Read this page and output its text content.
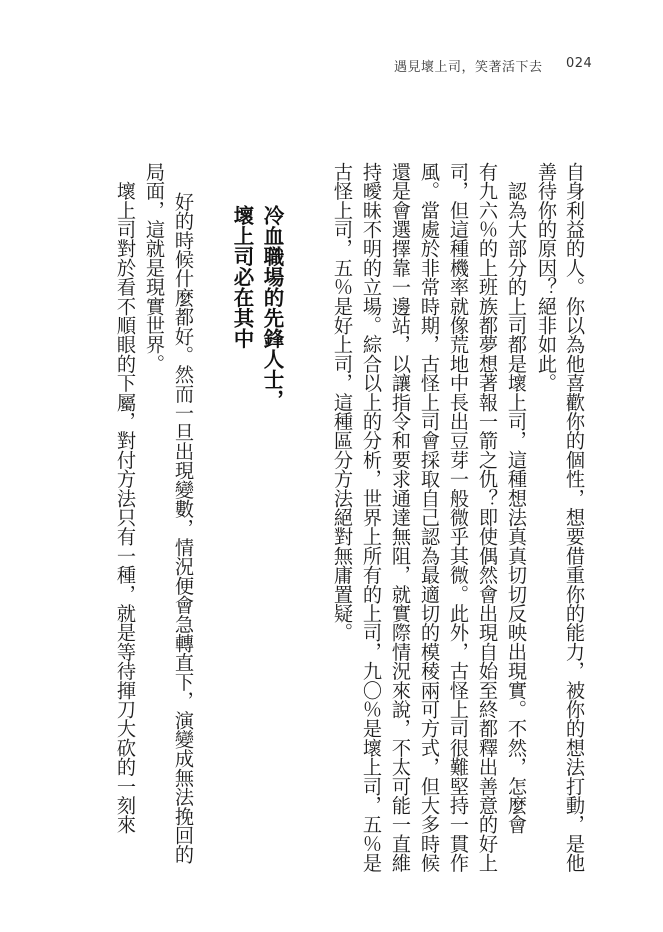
遇見壞上司，笑著活下去 024
自身利益的人。你以為他喜歡你的個性，想要借重你的能力，被你的想法打動，是他
善待你的原因？絕非如此。
　認為大部分的上司都是壞上司，這種想法真真切切反映出現實。不然，怎麼會
有九六％的上班族都夢想著報一箭之仇？即使偶然會出現自始至終都釋出善意的好上
司，但這種機率就像荒地中長出豆芽一般微乎其微。此外，古怪上司很難堅持一貫作
風。當處於非常時期，古怪上司會採取自己認為最適切的模稜兩可方式，但大多時候
還是會選擇靠一邊站，以讓指令和要求通達無阻，就實際情況來說，不太可能一直維
持曖昧不明的立場。綜合以上的分析，世界上所有的上司，九〇％是壞上司，五％是
古怪上司，五％是好上司，這種區分方法絕對無庸置疑。
冷血職場的先鋒人士，
壞上司必在其中
好的時候什麼都好。然而一旦出現變數，情況便會急轉直下，演變成無法挽回的
局面，這就是現實世界。
　壞上司對於看不順眼的下屬，對付方法只有一種，就是等待揮刀大砍的一刻來
